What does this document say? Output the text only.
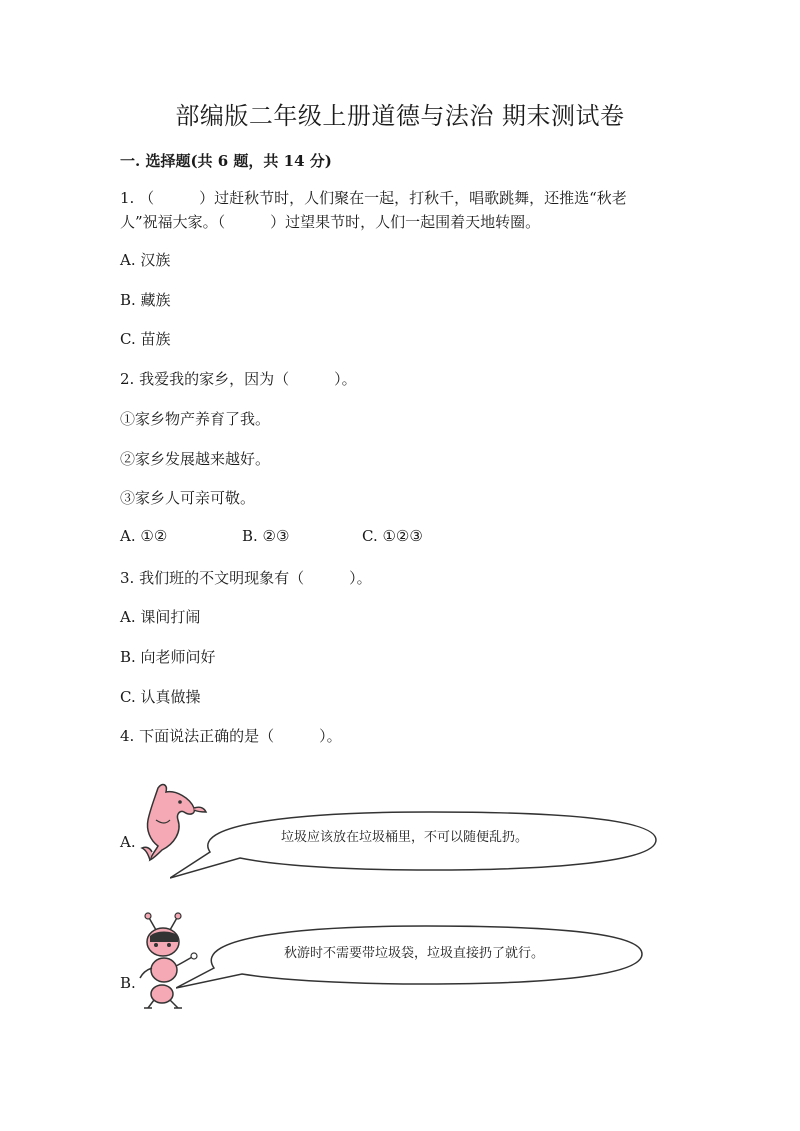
部编版二年级上册道德与法治 期末测试卷
一. 选择题(共 6 题，共 14 分)
1. （　　　）过赶秋节时，人们聚在一起，打秋千，唱歌跳舞，还推选“秋老
人”祝福大家。（　　　）过望果节时，人们一起围着天地转圈。
A. 汉族
B. 藏族
C. 苗族
2. 我爱我的家乡，因为（　　　）。
①家乡物产养育了我。
②家乡发展越来越好。
③家乡人可亲可敬。
A. ①②	B. ②③	C. ①②③
3. 我们班的不文明现象有（　　　）。
A. 课间打闹
B. 向老师问好
C. 认真做操
4. 下面说法正确的是（　　　）。
A.	垃圾应该放在垃圾桶里，不可以随便乱扔。
B.
秋游时不需要带垃圾袋，垃圾直接扔了就行。
